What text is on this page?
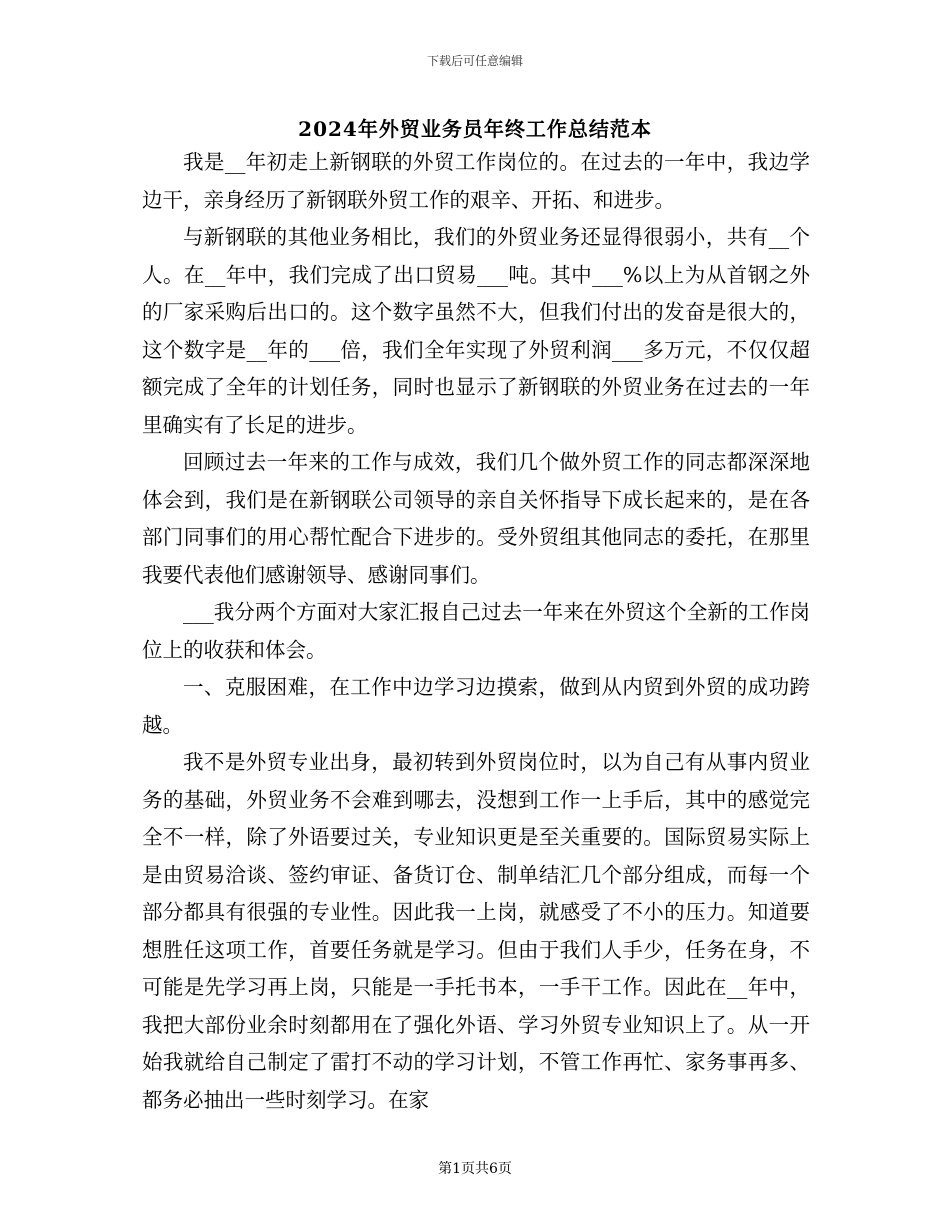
下载后可任意编辑
2024年外贸业务员年终工作总结范本

我是__年初走上新钢联的外贸工作岗位的。在过去的一年中，我边学边干，亲身经历了新钢联外贸工作的艰辛、开拓、和进步。

与新钢联的其他业务相比，我们的外贸业务还显得很弱小，共有__个人。在__年中，我们完成了出口贸易___吨。其中___%以上为从首钢之外的厂家采购后出口的。这个数字虽然不大，但我们付出的发奋是很大的，这个数字是__年的___倍，我们全年实现了外贸利润___多万元，不仅仅超额完成了全年的计划任务，同时也显示了新钢联的外贸业务在过去的一年里确实有了长足的进步。

回顾过去一年来的工作与成效，我们几个做外贸工作的同志都深深地体会到，我们是在新钢联公司领导的亲自关怀指导下成长起来的，是在各部门同事们的用心帮忙配合下进步的。受外贸组其他同志的委托，在那里我要代表他们感谢领导、感谢同事们。

___我分两个方面对大家汇报自己过去一年来在外贸这个全新的工作岗位上的收获和体会。

一、克服困难，在工作中边学习边摸索，做到从内贸到外贸的成功跨越。

我不是外贸专业出身，最初转到外贸岗位时，以为自己有从事内贸业务的基础，外贸业务不会难到哪去，没想到工作一上手后，其中的感觉完全不一样，除了外语要过关，专业知识更是至关重要的。国际贸易实际上是由贸易洽谈、签约审证、备货订仓、制单结汇几个部分组成，而每一个部分都具有很强的专业性。因此我一上岗，就感受了不小的压力。知道要想胜任这项工作，首要任务就是学习。但由于我们人手少，任务在身，不可能是先学习再上岗，只能是一手托书本，一手干工作。因此在__年中，我把大部份业余时刻都用在了强化外语、学习外贸专业知识上了。从一开始我就给自己制定了雷打不动的学习计划，不管工作再忙、家务事再多、都务必抽出一些时刻学习。在家

第1页共6页
